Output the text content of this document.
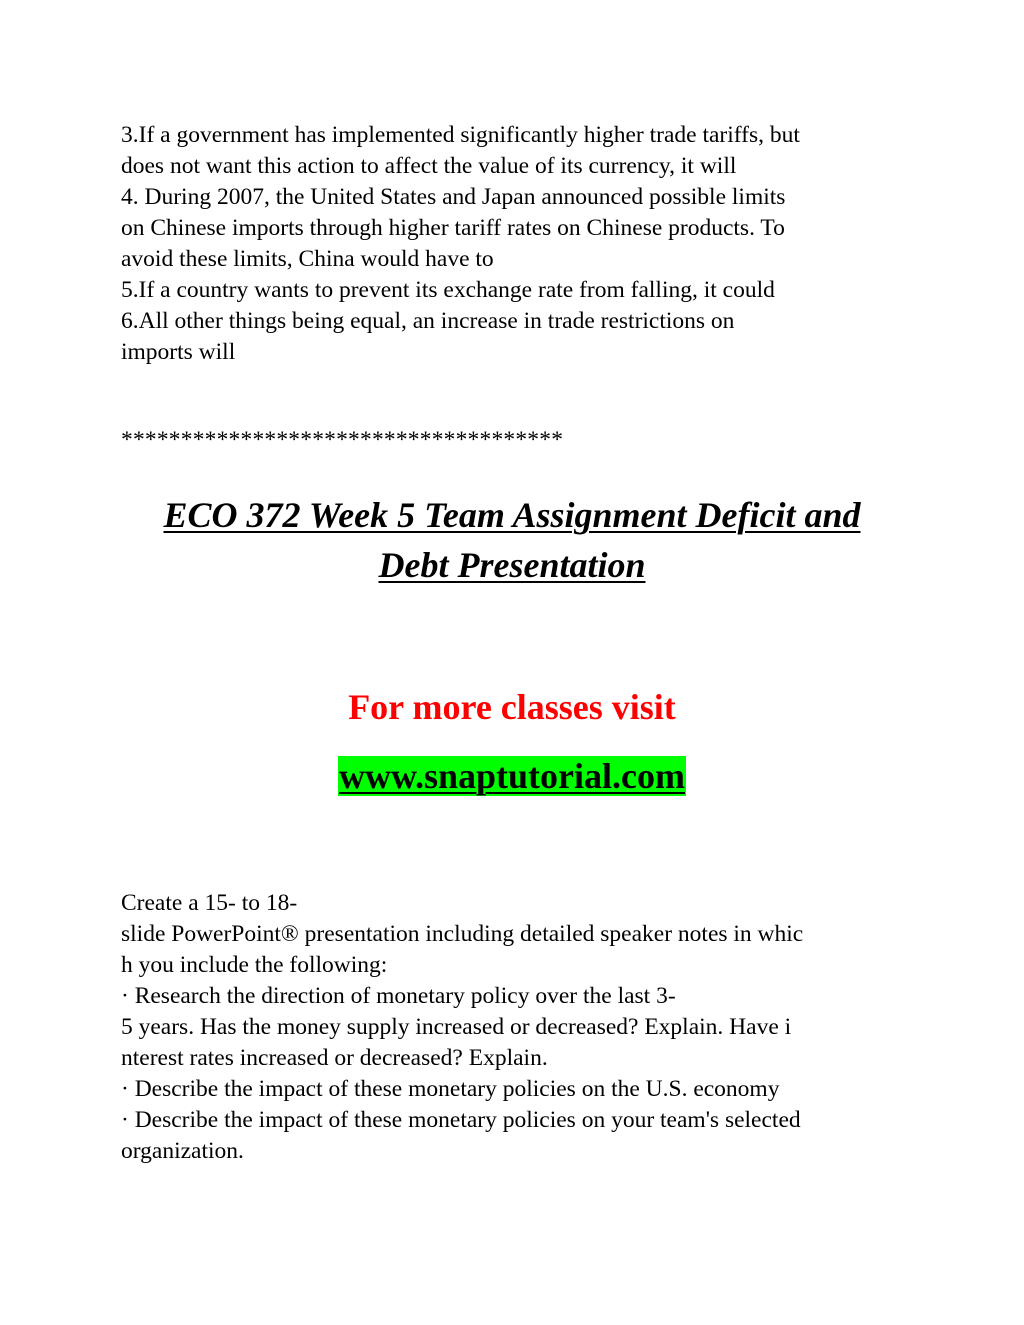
3.If a government has implemented significantly higher trade tariffs, but
does not want this action to affect the value of its currency, it will
4. During 2007, the United States and Japan announced possible limits
on Chinese imports through higher tariff rates on Chinese products. To
avoid these limits, China would have to
5.If a country wants to prevent its exchange rate from falling, it could
6.All other things being equal, an increase in trade restrictions on
imports will
*************************************
ECO 372 Week 5 Team Assignment Deficit and
Debt Presentation
For more classes visit
www.snaptutorial.com
Create a 15- to 18-
slide PowerPoint® presentation including detailed speaker notes in whic
h you include the following:
· Research the direction of monetary policy over the last 3-
5 years. Has the money supply increased or decreased? Explain. Have i
nterest rates increased or decreased? Explain.
· Describe the impact of these monetary policies on the U.S. economy
· Describe the impact of these monetary policies on your team's selected
organization.
